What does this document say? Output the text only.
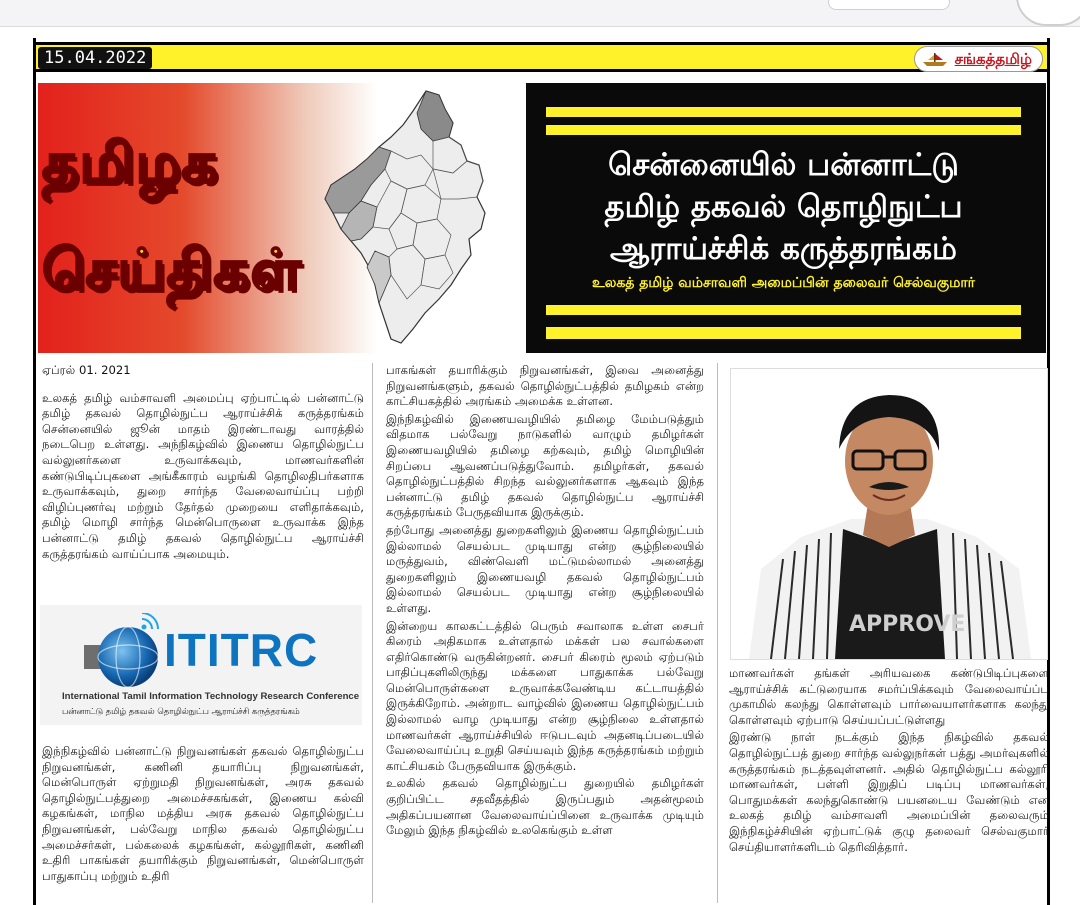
15.04.2022	சங்கத்தமிழ்
தமிழக
செய்திகள்
சென்னையில் பன்னாட்டு
தமிழ் தகவல் தொழிநுட்ப
ஆராய்ச்சிக் கருத்தரங்கம்
உலகத் தமிழ் வம்சாவளி அமைப்பின் தலைவர் செல்வகுமார்

ஏப்ரல் 01. 2021

உலகத் தமிழ் வம்சாவளி அமைப்பு ஏற்பாட்டில் பன்னாட்டு தமிழ் தகவல் தொழில்நுட்ப ஆராய்ச்சிக் கருத்தரங்கம் சென்னையில் ஜூன் மாதம் இரண்டாவது வாரத்தில் நடைபெற உள்ளது. அந்நிகழ்வில் இணைய தொழில்நுட்ப வல்லுனர்களை உருவாக்கவும், மாணவர்களின் கண்டுபிடிப்புகளை அங்கீகாரம் வழங்கி தொழிலதிபர்களாக உருவாக்கவும், துறை சார்ந்த வேலைவாய்ப்பு பற்றி விழிப்புணர்வு மற்றும் தேர்தல் முறையை எளிதாக்கவும், தமிழ் மொழி சார்ந்த மென்பொருளை உருவாக்க இந்த பன்னாட்டு தமிழ் தகவல் தொழில்நுட்ப ஆராய்ச்சி கருத்தரங்கம் வாய்ப்பாக அமையும்.

ITITRC
International Tamil Information Technology Research Conference
பன்னாட்டு தமிழ் தகவல் தொழில்நுட்ப ஆராய்ச்சி கருத்தரங்கம்

இந்நிகழ்வில் பன்னாட்டு நிறுவனங்கள் தகவல் தொழில்நுட்ப நிறுவனங்கள், கணினி தயாரிப்பு நிறுவனங்கள், மென்பொருள் ஏற்றுமதி நிறுவனங்கள், அரசு தகவல் தொழில்நுட்பத்துறை அமைச்சகங்கள், இணைய கல்வி கழகங்கள், மாநில மத்திய அரசு தகவல் தொழில்நுட்ப நிறுவனங்கள், பல்வேறு மாநில தகவல் தொழில்நுட்ப அமைச்சர்கள், பல்கலைக் கழகங்கள், கல்லூரிகள், கணினி உதிரி பாகங்கள் தயாரிக்கும் நிறுவனங்கள், மென்பொருள் பாதுகாப்பு மற்றும் உதிரி

பாகங்கள் தயாரிக்கும் நிறுவனங்கள், இவை அனைத்து நிறுவனங்களும், தகவல் தொழில்நுட்பத்தில் தமிழகம் என்ற காட்சியகத்தில் அரங்கம் அமைக்க உள்ளன.

இந்நிகழ்வில் இணையவழியில் தமிழை மேம்படுத்தும் விதமாக பல்வேறு நாடுகளில் வாழும் தமிழர்கள் இணையவழியில் தமிழை கற்கவும், தமிழ் மொழியின் சிறப்பை ஆவணப்படுத்துவோம். தமிழர்கள், தகவல் தொழில்நுட்பத்தில் சிறந்த வல்லுனர்களாக ஆகவும் இந்த பன்னாட்டு தமிழ் தகவல் தொழில்நுட்ப ஆராய்ச்சி கருத்தரங்கம் பேருதவியாக இருக்கும்.

தற்போது அனைத்து துறைகளிலும் இணைய தொழில்நுட்பம் இல்லாமல் செயல்பட முடியாது என்ற சூழ்நிலையில் மருத்துவம், விண்வெளி மட்டுமல்லாமல் அனைத்து துறைகளிலும் இணையவழி தகவல் தொழில்நுட்பம் இல்லாமல் செயல்பட முடியாது என்ற சூழ்நிலையில் உள்ளது.

இன்றைய காலகட்டத்தில் பெரும் சவாலாக உள்ள சைபர் கிரைம் அதிகமாக உள்ளதால் மக்கள் பல சவால்களை எதிர்கொண்டு வருகின்றனர். சைபர் கிரைம் மூலம் ஏற்படும் பாதிப்புகளிலிருந்து மக்களை பாதுகாக்க பல்வேறு மென்பொருள்களை உருவாக்கவேண்டிய கட்டாயத்தில் இருக்கிறோம். அன்றாட வாழ்வில் இணைய தொழில்நுட்பம் இல்லாமல் வாழ முடியாது என்ற சூழ்நிலை உள்ளதால் மாணவர்கள் ஆராய்ச்சியில் ஈடுபடவும் அதனடிப்படையில் வேலைவாய்ப்பு உறுதி செய்யவும் இந்த கருத்தரங்கம் மற்றும் காட்சியகம் பேருதவியாக இருக்கும்.

உலகில் தகவல் தொழில்நுட்ப துறையில் தமிழர்கள் குறிப்பிட்ட சதவீதத்தில் இருப்பதும் அதன்மூலம் அதிகப்பயனான வேலைவாய்ப்பினை உருவாக்க முடியும் மேலும் இந்த நிகழ்வில் உலகெங்கும் உள்ள

APPROVE

மாணவர்கள் தங்கள் அரியவகை கண்டுபிடிப்புகளை ஆராய்ச்சிக் கட்டுரையாக சமர்ப்பிக்கவும் வேலைவாய்ப்பு முகாமில் கலந்து கொள்ளவும் பார்வையாளர்களாக கலந்து கொள்ளவும் ஏற்பாடு செய்யப்பட்டுள்ளது

இரண்டு நாள் நடக்கும் இந்த நிகழ்வில் தகவல் தொழில்நுட்பத் துறை சார்ந்த வல்லுநர்கள் பத்து அமர்வுகளில் கருத்தரங்கம் நடத்தவுள்ளனர். அதில் தொழில்நுட்ப கல்லூரி மாணவர்கள், பள்ளி இறுதிப் படிப்பு மாணவர்கள், பொதுமக்கள் கலந்துகொண்டு பயனடைய வேண்டும் என உலகத் தமிழ் வம்சாவளி அமைப்பின் தலைவரும் இந்நிகழ்ச்சியின் ஏற்பாட்டுக் குழு தலைவர் செல்வகுமார் செய்தியாளர்களிடம் தெரிவித்தார்.
